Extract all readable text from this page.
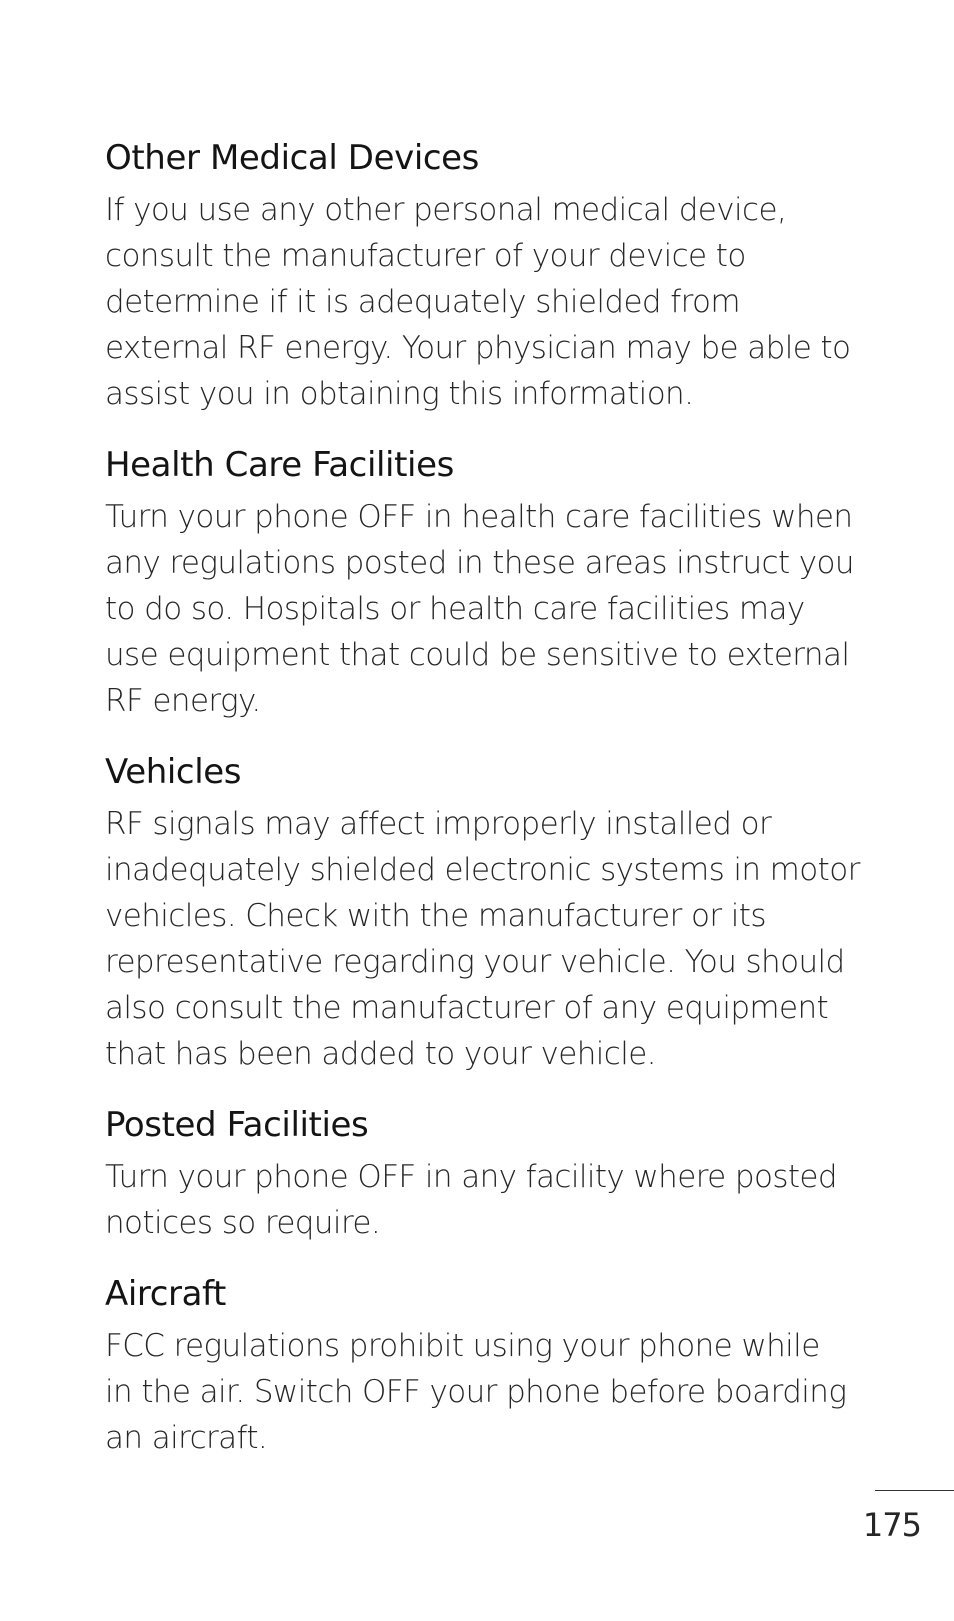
Other Medical Devices

If you use any other personal medical device,
consult the manufacturer of your device to
determine if it is adequately shielded from
external RF energy. Your physician may be able to
assist you in obtaining this information.

Health Care Facilities

Turn your phone OFF in health care facilities when
any regulations posted in these areas instruct you
to do so. Hospitals or health care facilities may
use equipment that could be sensitive to external
RF energy.

Vehicles

RF signals may affect improperly installed or
inadequately shielded electronic systems in motor
vehicles. Check with the manufacturer or its
representative regarding your vehicle. You should
also consult the manufacturer of any equipment
that has been added to your vehicle.

Posted Facilities

Turn your phone OFF in any facility where posted
notices so require.

Aircraft

FCC regulations prohibit using your phone while
in the air. Switch OFF your phone before boarding
an aircraft.

175
